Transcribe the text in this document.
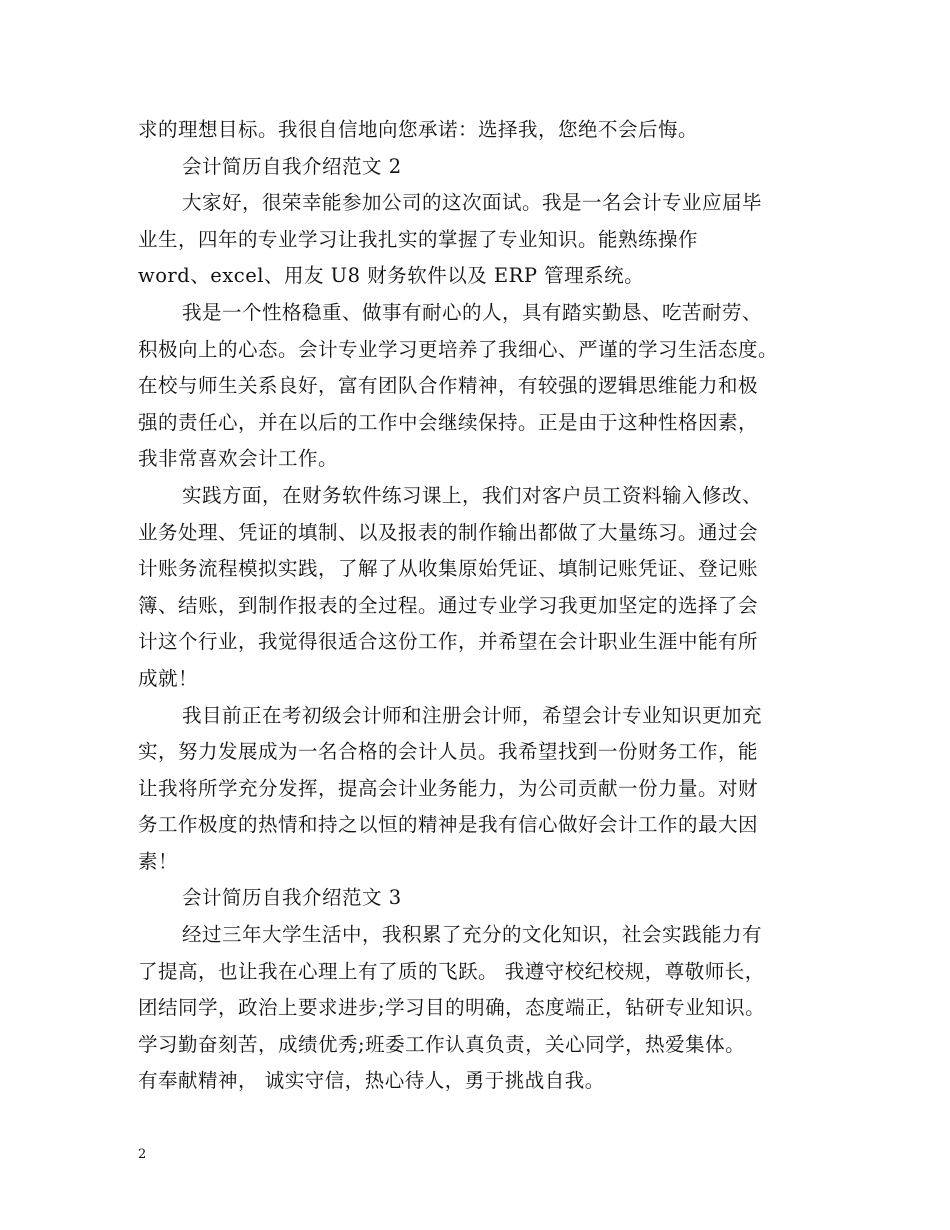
求的理想目标。我很自信地向您承诺：选择我，您绝不会后悔。
会计简历自我介绍范文 2
大家好，很荣幸能参加公司的这次面试。我是一名会计专业应届毕
业生，四年的专业学习让我扎实的掌握了专业知识。能熟练操作
word、excel、用友 U8 财务软件以及 ERP 管理系统。
我是一个性格稳重、做事有耐心的人，具有踏实勤恳、吃苦耐劳、
积极向上的心态。会计专业学习更培养了我细心、严谨的学习生活态度。
在校与师生关系良好，富有团队合作精神，有较强的逻辑思维能力和极
强的责任心，并在以后的工作中会继续保持。正是由于这种性格因素，
我非常喜欢会计工作。
实践方面，在财务软件练习课上，我们对客户员工资料输入修改、
业务处理、凭证的填制、以及报表的制作输出都做了大量练习。通过会
计账务流程模拟实践，了解了从收集原始凭证、填制记账凭证、登记账
簿、结账，到制作报表的全过程。通过专业学习我更加坚定的选择了会
计这个行业，我觉得很适合这份工作，并希望在会计职业生涯中能有所
成就！
我目前正在考初级会计师和注册会计师，希望会计专业知识更加充
实，努力发展成为一名合格的会计人员。我希望找到一份财务工作，能
让我将所学充分发挥，提高会计业务能力，为公司贡献一份力量。对财
务工作极度的热情和持之以恒的精神是我有信心做好会计工作的最大因
素！
会计简历自我介绍范文 3
经过三年大学生活中，我积累了充分的文化知识，社会实践能力有
了提高，也让我在心理上有了质的飞跃。 我遵守校纪校规，尊敬师长，
团结同学，政治上要求进步;学习目的明确，态度端正，钻研专业知识。
学习勤奋刻苦，成绩优秀;班委工作认真负责，关心同学，热爱集体。
有奉献精神， 诚实守信，热心待人，勇于挑战自我。
2
